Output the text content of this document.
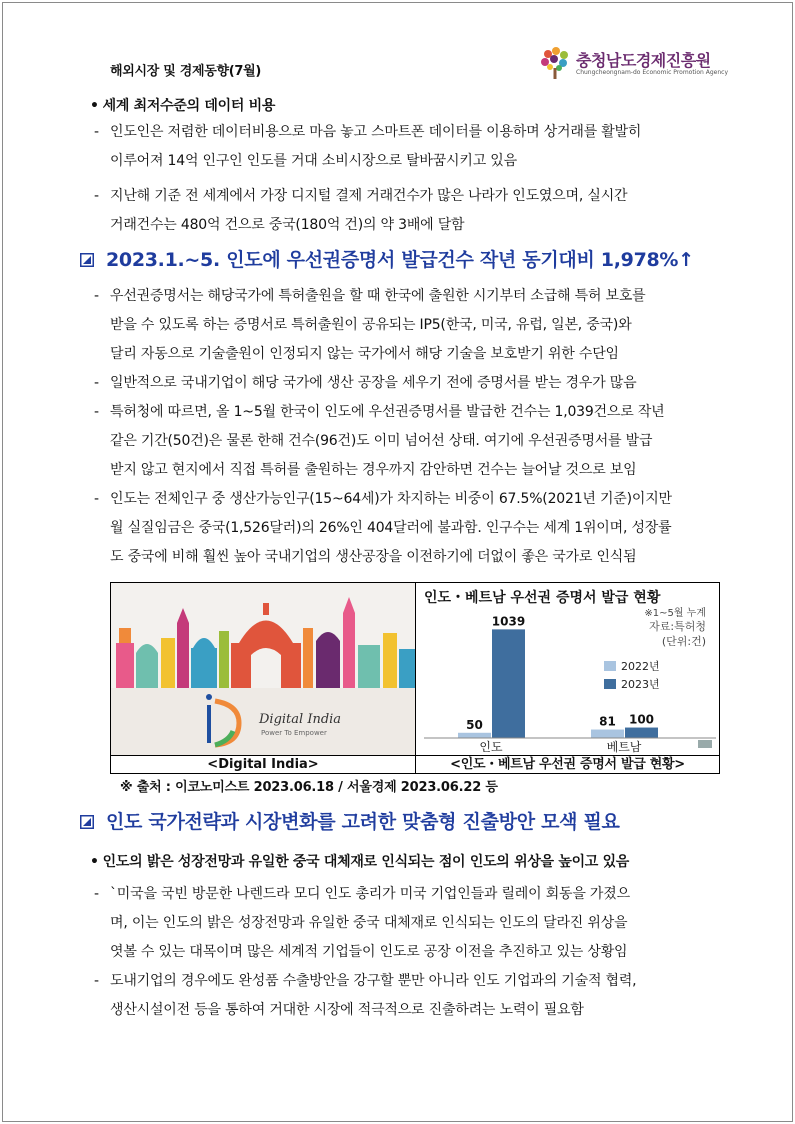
해외시장 및 경제동향(7월)
충청남도경제진흥원
Chungcheongnam-do Economic Promotion Agency
• 세계 최저수준의 데이터 비용
- 인도인은 저렴한 데이터비용으로 마음 놓고 스마트폰 데이터를 이용하며 상거래를 활발히
이루어져 14억 인구인 인도를 거대 소비시장으로 탈바꿈시키고 있음
- 지난해 기준 전 세계에서 가장 디지털 결제 거래건수가 많은 나라가 인도였으며, 실시간
거래건수는 480억 건으로 중국(180억 건)의 약 3배에 달함
2023.1.~5. 인도에 우선권증명서 발급건수 작년 동기대비 1,978%↑
- 우선권증명서는 해당국가에 특허출원을 할 때 한국에 출원한 시기부터 소급해 특허 보호를
받을 수 있도록 하는 증명서로 특허출원이 공유되는 IP5(한국, 미국, 유럽, 일본, 중국)와
달리 자동으로 기술출원이 인정되지 않는 국가에서 해당 기술을 보호받기 위한 수단임
- 일반적으로 국내기업이 해당 국가에 생산 공장을 세우기 전에 증명서를 받는 경우가 많음
- 특허청에 따르면, 올 1~5월 한국이 인도에 우선권증명서를 발급한 건수는 1,039건으로 작년
같은 기간(50건)은 물론 한해 건수(96건)도 이미 넘어선 상태. 여기에 우선권증명서를 발급
받지 않고 현지에서 직접 특허를 출원하는 경우까지 감안하면 건수는 늘어날 것으로 보임
- 인도는 전체인구 중 생산가능인구(15~64세)가 차지하는 비중이 67.5%(2021년 기준)이지만
월 실질임금은 중국(1,526달러)의 26%인 404달러에 불과함. 인구수는 세계 1위이며, 성장률
도 중국에 비해 훨씬 높아 국내기업의 생산공장을 이전하기에 더없이 좋은 국가로 인식됨
Digital India
Power To Empower
인도・베트남 우선권 증명서 발급 현황
※1~5월 누계
자료:특허청
(단위:건)
2022년
2023년
50
1039
81 100
인도	베트남
<Digital India>	<인도・베트남 우선권 증명서 발급 현황>
※ 출처 : 이코노미스트 2023.06.18 / 서울경제 2023.06.22 등
인도 국가전략과 시장변화를 고려한 맞춤형 진출방안 모색 필요
• 인도의 밝은 성장전망과 유일한 중국 대체재로 인식되는 점이 인도의 위상을 높이고 있음
- `미국을 국빈 방문한 나렌드라 모디 인도 총리가 미국 기업인들과 릴레이 회동을 가졌으
며, 이는 인도의 밝은 성장전망과 유일한 중국 대체재로 인식되는 인도의 달라진 위상을
엿볼 수 있는 대목이며 많은 세계적 기업들이 인도로 공장 이전을 추진하고 있는 상황임
- 도내기업의 경우에도 완성품 수출방안을 강구할 뿐만 아니라 인도 기업과의 기술적 협력,
생산시설이전 등을 통하여 거대한 시장에 적극적으로 진출하려는 노력이 필요함
